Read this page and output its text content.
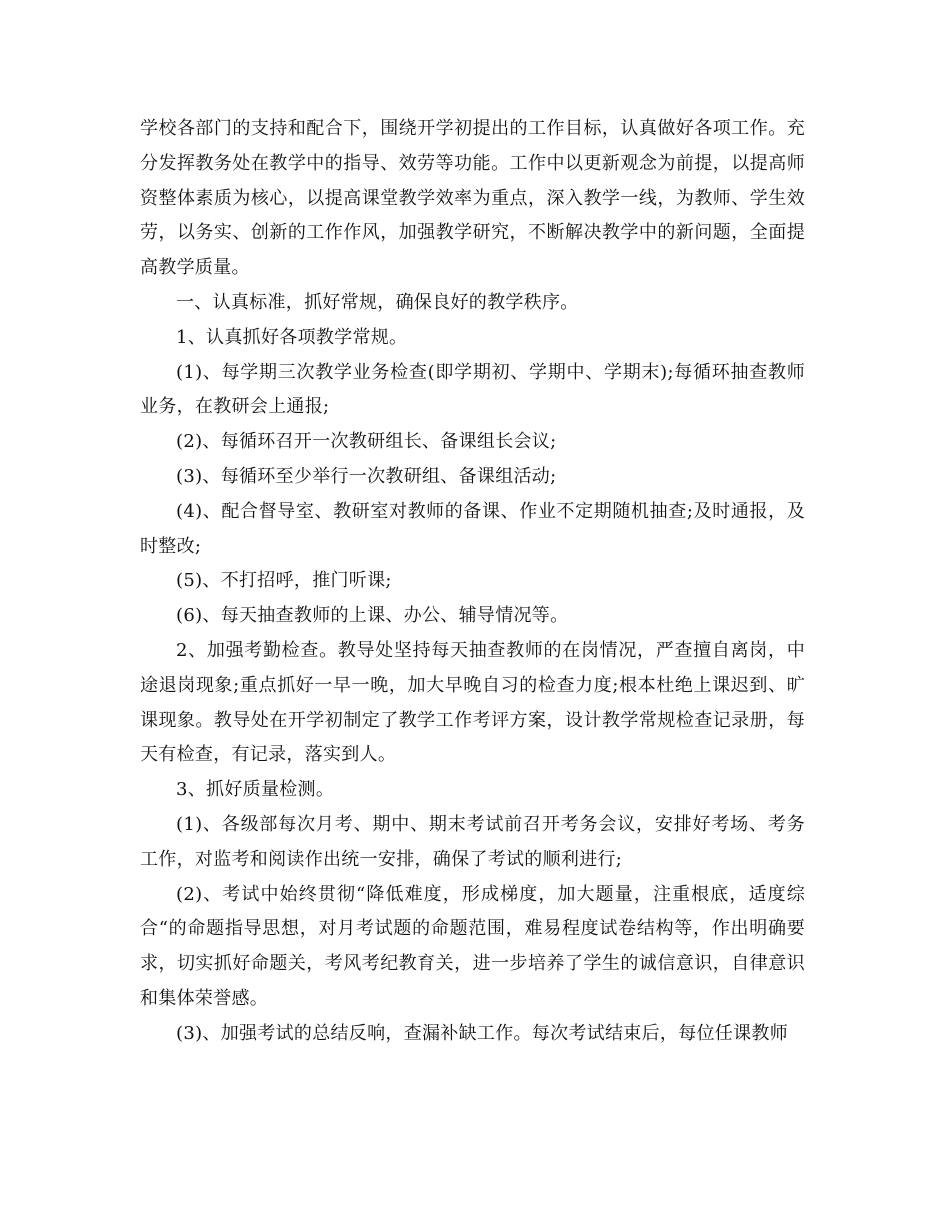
学校各部门的支持和配合下，围绕开学初提出的工作目标，认真做好各项工作。充分发挥教务处在教学中的指导、效劳等功能。工作中以更新观念为前提，以提高师资整体素质为核心，以提高课堂教学效率为重点，深入教学一线，为教师、学生效劳，以务实、创新的工作作风，加强教学研究，不断解决教学中的新问题，全面提高教学质量。

一、认真标准，抓好常规，确保良好的教学秩序。

1、认真抓好各项教学常规。

(1)、每学期三次教学业务检查(即学期初、学期中、学期末);每循环抽查教师业务，在教研会上通报;

(2)、每循环召开一次教研组长、备课组长会议;

(3)、每循环至少举行一次教研组、备课组活动;

(4)、配合督导室、教研室对教师的备课、作业不定期随机抽查;及时通报，及时整改;

(5)、不打招呼，推门听课;

(6)、每天抽查教师的上课、办公、辅导情况等。

2、加强考勤检查。教导处坚持每天抽查教师的在岗情况，严查擅自离岗，中途退岗现象;重点抓好一早一晚，加大早晚自习的检查力度;根本杜绝上课迟到、旷课现象。教导处在开学初制定了教学工作考评方案，设计教学常规检查记录册，每天有检查，有记录，落实到人。

3、抓好质量检测。

(1)、各级部每次月考、期中、期末考试前召开考务会议，安排好考场、考务工作，对监考和阅读作出统一安排，确保了考试的顺利进行;

(2)、考试中始终贯彻“降低难度，形成梯度，加大题量，注重根底，适度综合“的命题指导思想，对月考试题的命题范围，难易程度试卷结构等，作出明确要求，切实抓好命题关，考风考纪教育关，进一步培养了学生的诚信意识，自律意识和集体荣誉感。

(3)、加强考试的总结反响，查漏补缺工作。每次考试结束后，每位任课教师
